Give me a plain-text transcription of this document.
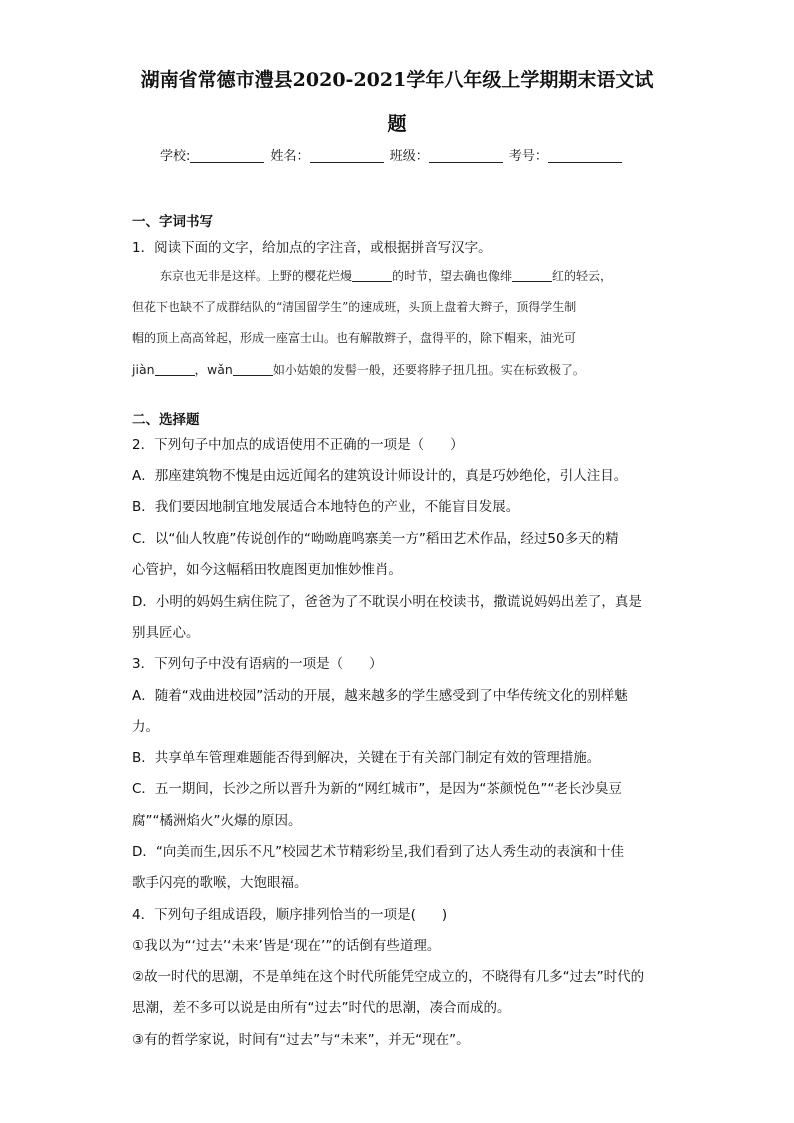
湖南省常德市澧县2020-2021学年八年级上学期期末语文试
题
学校:	姓名：	班级：	考号：
一、字词书写
1．阅读下面的文字，给加点的字注音，或根据拼音写汉字。
东京也无非是这样。上野的樱花烂熳	的时节，望去确也像绯	红的轻云，
但花下也缺不了成群结队的“清国留学生”的速成班，头顶上盘着大辫子，顶得学生制
帽的顶上高高耸起，形成一座富士山。也有解散辫子，盘得平的，除下帽来，油光可
jiàn	，wǎn	如小姑娘的发髻一般，还要将脖子扭几扭。实在标致极了。
二、选择题
2．下列句子中加点的成语使用不正确的一项是（ ）
A．那座建筑物不愧是由远近闻名的建筑设计师设计的，真是巧妙绝伦，引人注目。
B．我们要因地制宜地发展适合本地特色的产业，不能盲目发展。
C．以“仙人牧鹿”传说创作的“呦呦鹿鸣寨美一方”稻田艺术作品，经过50多天的精
心管护，如今这幅稻田牧鹿图更加惟妙惟肖。
D．小明的妈妈生病住院了，爸爸为了不耽误小明在校读书，撒谎说妈妈出差了，真是
别具匠心。
3．下列句子中没有语病的一项是（ ）
A．随着“戏曲进校园”活动的开展，越来越多的学生感受到了中华传统文化的别样魅
力。
B．共享单车管理难题能否得到解决，关键在于有关部门制定有效的管理措施。
C．五一期间，长沙之所以晋升为新的“网红城市”，是因为“茶颜悦色”“老长沙臭豆
腐”“橘洲焰火”火爆的原因。
D．“向美而生,因乐不凡”校园艺术节精彩纷呈,我们看到了达人秀生动的表演和十佳
歌手闪亮的歌喉，大饱眼福。
4．下列句子组成语段，顺序排列恰当的一项是( )
①我以为“‘过去’‘未来’皆是‘现在’”的话倒有些道理。
②故一时代的思潮，不是单纯在这个时代所能凭空成立的，不晓得有几多“过去”时代的
思潮，差不多可以说是由所有“过去”时代的思潮，凑合而成的。
③有的哲学家说，时间有“过去”与“未来”，并无“现在”。
